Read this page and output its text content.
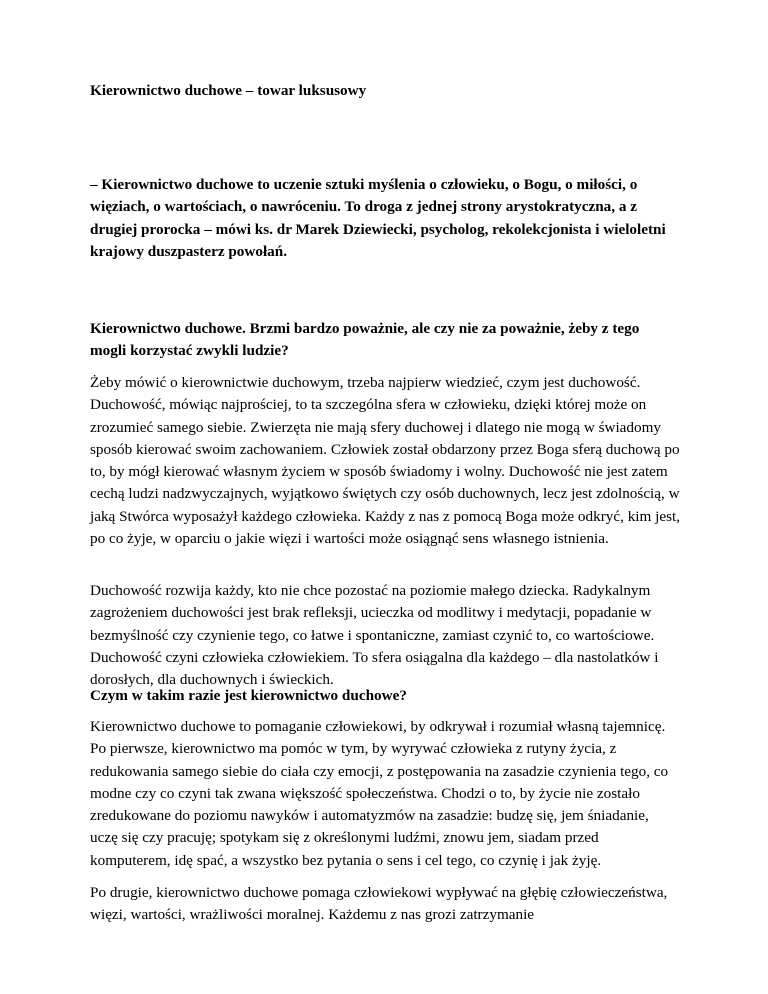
Kierownictwo duchowe – towar luksusowy

– Kierownictwo duchowe to uczenie sztuki myślenia o człowieku, o Bogu, o miłości, o więziach, o wartościach, o nawróceniu. To droga z jednej strony arystokratyczna, a z drugiej prorocka – mówi ks. dr Marek Dziewiecki, psycholog, rekolekcjonista i wieloletni krajowy duszpasterz powołań.

Kierownictwo duchowe. Brzmi bardzo poważnie, ale czy nie za poważnie, żeby z tego mogli korzystać zwykli ludzie?

Żeby mówić o kierownictwie duchowym, trzeba najpierw wiedzieć, czym jest duchowość. Duchowość, mówiąc najprościej, to ta szczególna sfera w człowieku, dzięki której może on zrozumieć samego siebie. Zwierzęta nie mają sfery duchowej i dlatego nie mogą w świadomy sposób kierować swoim zachowaniem. Człowiek został obdarzony przez Boga sferą duchową po to, by mógł kierować własnym życiem w sposób świadomy i wolny. Duchowość nie jest zatem cechą ludzi nadzwyczajnych, wyjątkowo świętych czy osób duchownych, lecz jest zdolnością, w jaką Stwórca wyposażył każdego człowieka. Każdy z nas z pomocą Boga może odkryć, kim jest, po co żyje, w oparciu o jakie więzi i wartości może osiągnąć sens własnego istnienia.

Duchowość rozwija każdy, kto nie chce pozostać na poziomie małego dziecka. Radykalnym zagrożeniem duchowości jest brak refleksji, ucieczka od modlitwy i medytacji, popadanie w bezmyślność czy czynienie tego, co łatwe i spontaniczne, zamiast czynić to, co wartościowe. Duchowość czyni człowieka człowiekiem. To sfera osiągalna dla każdego – dla nastolatków i dorosłych, dla duchownych i świeckich.

Czym w takim razie jest kierownictwo duchowe?

Kierownictwo duchowe to pomaganie człowiekowi, by odkrywał i rozumiał własną tajemnicę. Po pierwsze, kierownictwo ma pomóc w tym, by wyrywać człowieka z rutyny życia, z redukowania samego siebie do ciała czy emocji, z postępowania na zasadzie czynienia tego, co modne czy co czyni tak zwana większość społeczeństwa. Chodzi o to, by życie nie zostało zredukowane do poziomu nawyków i automatyzmów na zasadzie: budzę się, jem śniadanie, uczę się czy pracuję; spotykam się z określonymi ludźmi, znowu jem, siadam przed komputerem, idę spać, a wszystko bez pytania o sens i cel tego, co czynię i jak żyję.

Po drugie, kierownictwo duchowe pomaga człowiekowi wypływać na głębię człowieczeństwa, więzi, wartości, wrażliwości moralnej. Każdemu z nas grozi zatrzymanie
